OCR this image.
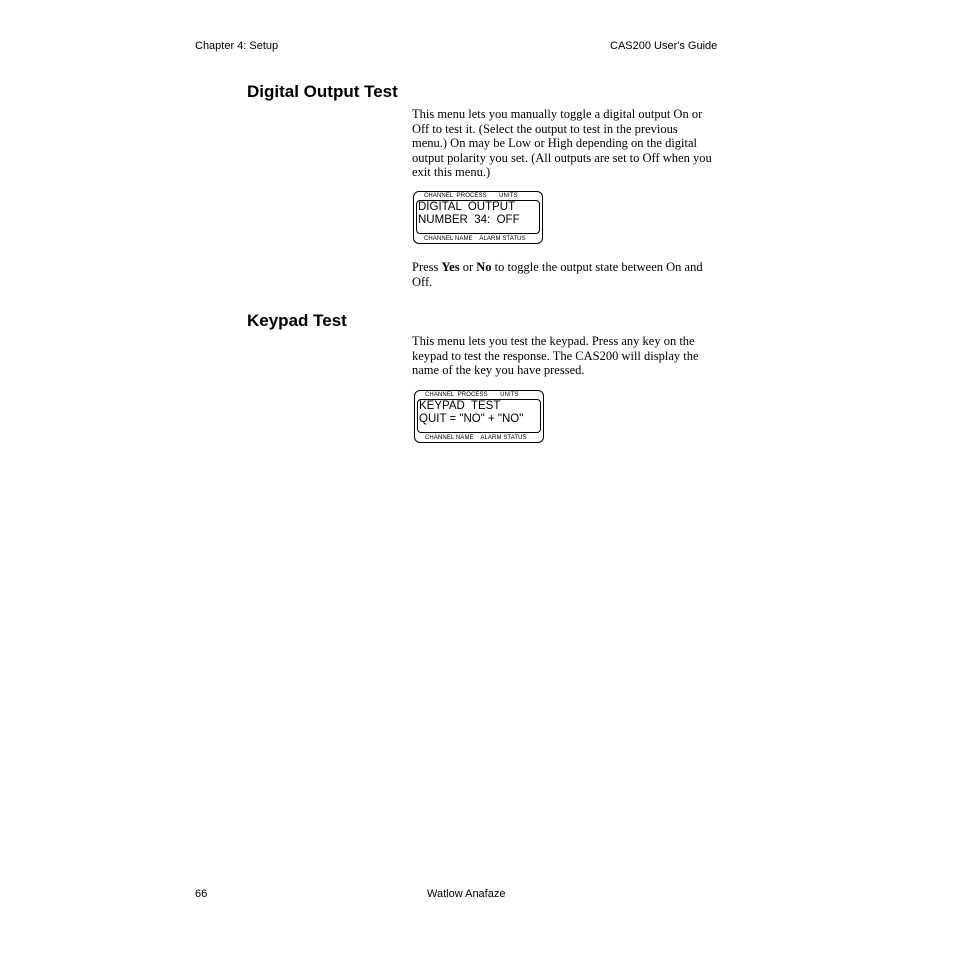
Chapter 4: Setup	CAS200 User's Guide
Digital Output Test
This menu lets you manually toggle a digital output On or
Off to test it. (Select the output to test in the previous
menu.) On may be Low or High depending on the digital
output polarity you set. (All outputs are set to Off when you
exit this menu.)
CHANNEL  PROCESS       UNITS
DIGITAL  OUTPUT
NUMBER  34:  OFF
CHANNEL NAME    ALARM STATUS
Press Yes or No to toggle the output state between On and
Off.
Keypad Test
This menu lets you test the keypad. Press any key on the
keypad to test the response. The CAS200 will display the
name of the key you have pressed.
CHANNEL  PROCESS       UNITS
KEYPAD  TEST
QUIT = "NO" + "NO"
CHANNEL NAME    ALARM STATUS
66	Watlow Anafaze
